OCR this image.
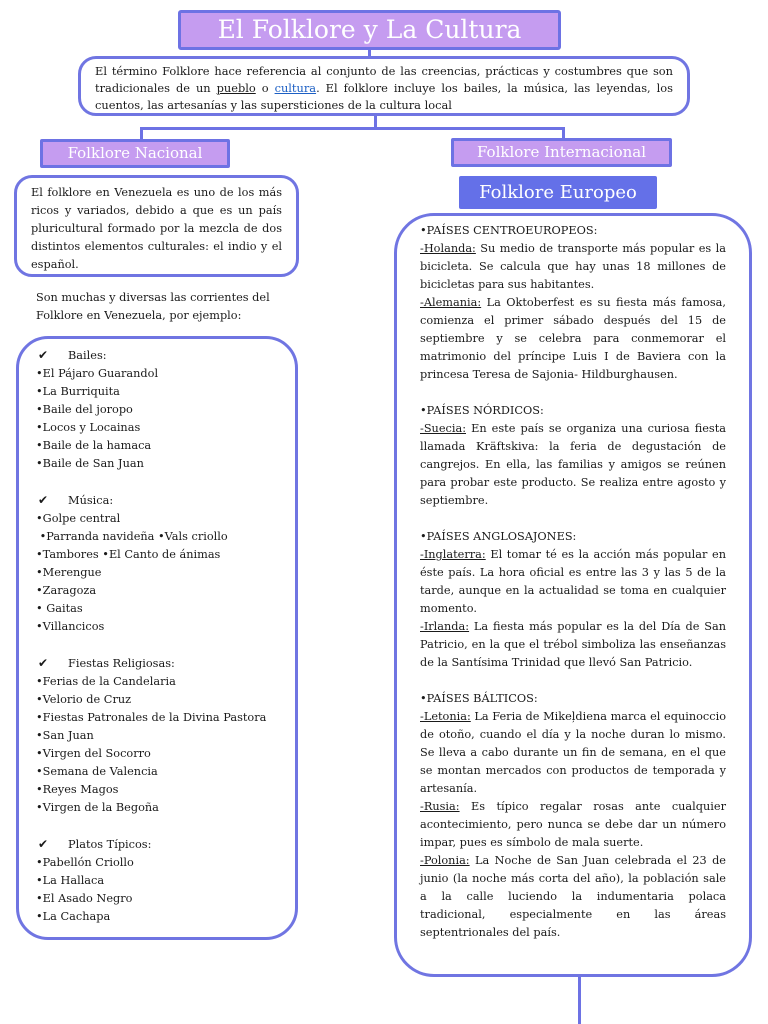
El Folklore y La Cultura
El término Folklore hace referencia al conjunto de las creencias, prácticas y costumbres que son tradicionales de un pueblo o cultura. El folklore incluye los bailes, la música, las leyendas, los cuentos, las artesanías y las supersticiones de la cultura local
Folklore Nacional	Folklore Internacional
Folklore Europeo

El folklore en Venezuela es uno de los más ricos y variados, debido a que es un país pluricultural formado por la mezcla de dos distintos elementos culturales: el indio y el español.

Son muchas y diversas las corrientes del Folklore en Venezuela, por ejemplo:
✔ Bailes:
•El Pájaro Guarandol
•La Burriquita
•Baile del joropo
•Locos y Locainas
•Baile de la hamaca
•Baile de San Juan
✔ Música:
•Golpe central
•Parranda navideña •Vals criollo
•Tambores •El Canto de ánimas
•Merengue
•Zaragoza
• Gaitas
•Villancicos
✔ Fiestas Religiosas:
•Ferias de la Candelaria
•Velorio de Cruz
•Fiestas Patronales de la Divina Pastora
•San Juan
•Virgen del Socorro
•Semana de Valencia
•Reyes Magos
•Virgen de la Begoña
✔ Platos Típicos:
•Pabellón Criollo
•La Hallaca
•El Asado Negro
•La Cachapa
•PAÍSES CENTROEUROPEOS:
-Holanda: Su medio de transporte más popular es la bicicleta. Se calcula que hay unas 18 millones de bicicletas para sus habitantes.
-Alemania: La Oktoberfest es su fiesta más famosa, comienza el primer sábado después del 15 de septiembre y se celebra para conmemorar el matrimonio del príncipe Luis I de Baviera con la princesa Teresa de Sajonia- Hildburghausen.
•PAÍSES NÓRDICOS:
-Suecia: En este país se organiza una curiosa fiesta llamada Kräftskiva: la feria de degustación de cangrejos. En ella, las familias y amigos se reúnen para probar este producto. Se realiza entre agosto y septiembre.
•PAÍSES ANGLOSAJONES:
-Inglaterra: El tomar té es la acción más popular en éste país. La hora oficial es entre las 3 y las 5 de la tarde, aunque en la actualidad se toma en cualquier momento.
-Irlanda: La fiesta más popular es la del Día de San Patricio, en la que el trébol simboliza las enseñanzas de la Santísima Trinidad que llevó San Patricio.
•PAÍSES BÁLTICOS:
-Letonia: La Feria de Mikeļdiena marca el equinoccio de otoño, cuando el día y la noche duran lo mismo. Se lleva a cabo durante un fin de semana, en el que se montan mercados con productos de temporada y artesanía.
-Rusia: Es típico regalar rosas ante cualquier acontecimiento, pero nunca se debe dar un número impar, pues es símbolo de mala suerte.
-Polonia: La Noche de San Juan celebrada el 23 de junio (la noche más corta del año), la población sale a la calle luciendo la indumentaria polaca tradicional, especialmente en las áreas septentrionales del país.
